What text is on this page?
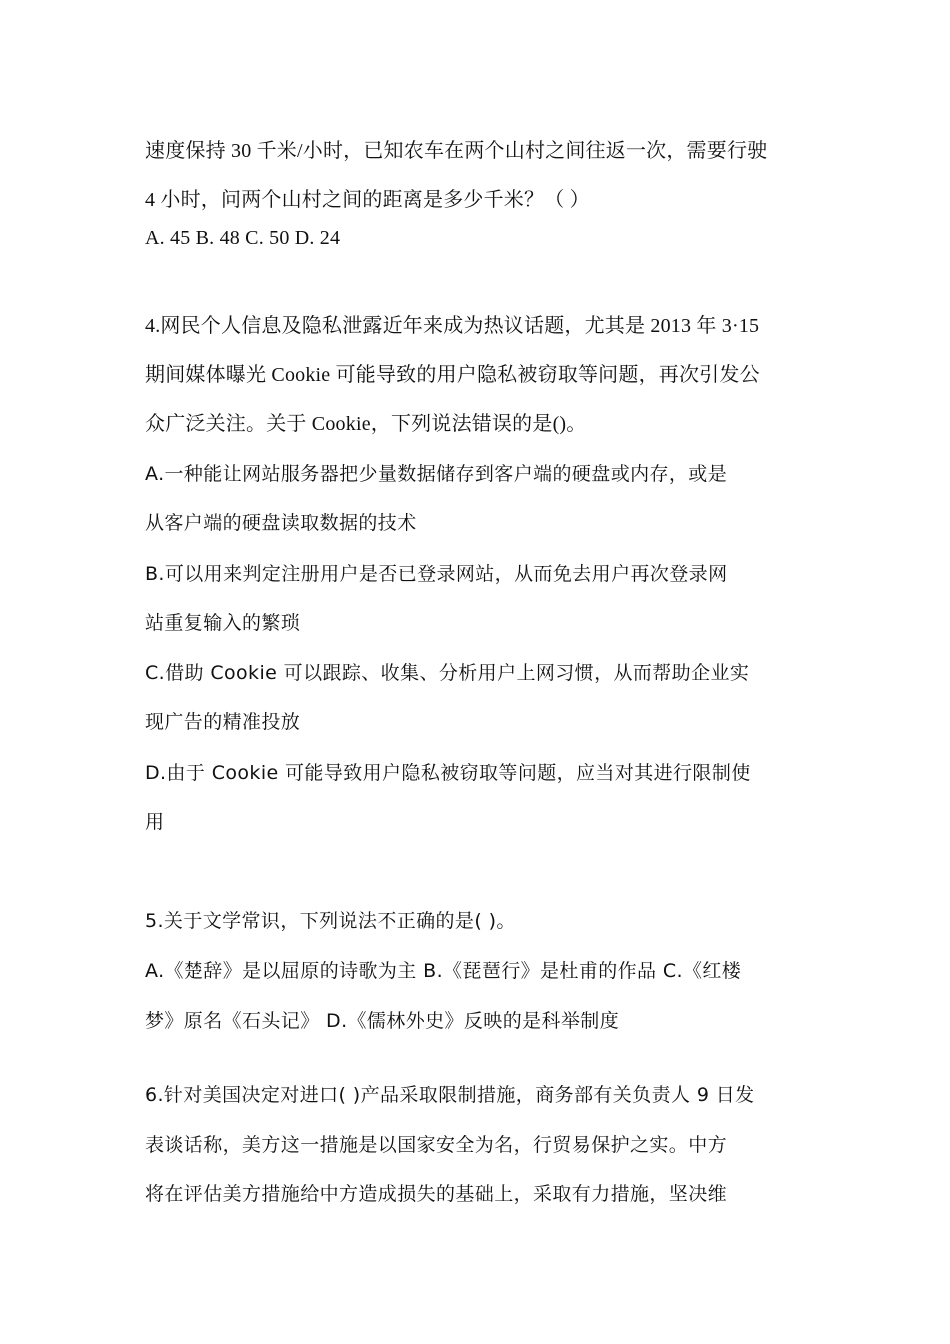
速度保持 30 千米/小时，已知农车在两个山村之间往返一次，需要行驶
4 小时，问两个山村之间的距离是多少千米？（ ）
A. 45 B. 48 C. 50 D. 24
4.网民个人信息及隐私泄露近年来成为热议话题，尤其是 2013 年 3·15
期间媒体曝光 Cookie 可能导致的用户隐私被窃取等问题，再次引发公
众广泛关注。关于 Cookie，下列说法错误的是()。
A.一种能让网站服务器把少量数据储存到客户端的硬盘或内存，或是
从客户端的硬盘读取数据的技术
B.可以用来判定注册用户是否已登录网站，从而免去用户再次登录网
站重复输入的繁琐
C.借助 Cookie 可以跟踪、收集、分析用户上网习惯，从而帮助企业实
现广告的精准投放
D.由于 Cookie 可能导致用户隐私被窃取等问题，应当对其进行限制使
用
5.关于文学常识，下列说法不正确的是( )。
A.《楚辞》是以屈原的诗歌为主 B.《琵琶行》是杜甫的作品 C.《红楼
梦》原名《石头记》 D.《儒林外史》反映的是科举制度
6.针对美国决定对进口( )产品采取限制措施，商务部有关负责人 9 日发
表谈话称，美方这一措施是以国家安全为名，行贸易保护之实。中方
将在评估美方措施给中方造成损失的基础上，采取有力措施，坚决维
